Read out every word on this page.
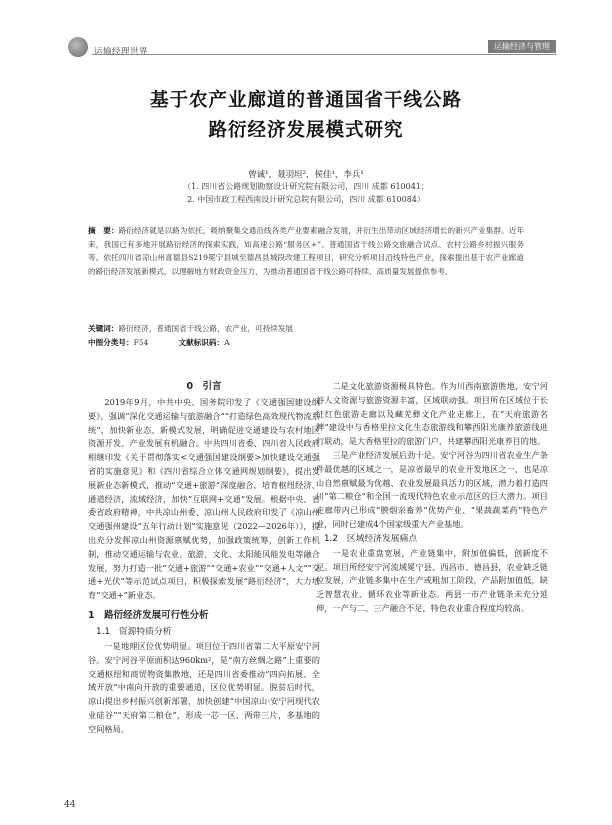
运输经理世界
运输经济与管理
基于农产业廊道的普通国省干线公路
路衍经济发展模式研究
曾诚¹，聂羽垣²，侯佳¹，李兵¹
（1. 四川省公路规划勘察设计研究院有限公司，四川 成都 610041；
2. 中国市政工程西南设计研究总院有限公司，四川 成都 610084）
摘　要：路衍经济就是以路为依托，吸纳聚集交通沿线各类产业要素融合发展，并衍生出带动区域经济增长的新兴产业集群。近年来，我国已有多地开展路衍经济的探索实践，如高速公路“服务区+”、普通国省干线公路交旅融合试点、农村公路乡村振兴服务等。依托四川省凉山州喜德县S219冕宁县城至德昌县城段改建工程项目，研究分析项目沿线特色产业，探索提出基于农产业廊道的路衍经济发展新模式，以理解地方财政资金压力，为推动普通国省干线公路可持续、高质量发展提供参考。
关键词：路衍经济，普通国省干线公路，农产业，可持续发展
中图分类号：F54	文献标识码：A
0　引言

2019年9月，中共中央、国务院印发了《交通强国建设纲要》，强调“深化交通运输与旅游融合”“打造绿色高效现代物流系统”，加快新业态、新模式发展，明确促进交通建设与农村地区资源开发、产业发展有机融合。中共四川省委、四川省人民政府相继印发《关于贯彻落实<交通强国建设纲要>加快建设交通强省的实施意见》和《四川省综合立体交通网规划纲要》，提出发展新业态新模式，推动“交通+旅游”深度融合，培育枢纽经济、通道经济，流域经济，加快“互联网+交通”发展。根据中央、省委省政府精神，中共凉山州委、凉山州人民政府印发了《凉山州交通强州建设“五年行动计划”实施意见（2022—2026年）》，提出充分发挥凉山州资源禀赋优势，加强政策统筹，创新工作机制，推动交通运输与农业、旅游、文化、太阳能风能发电等融合发展，努力打造一批“交通+旅游”“交通+农业”“交通+人文”“交通+光伏”等示范试点项目，积极探索发展“路衍经济”，大力培育“交通+”新业态。

1　路衍经济发展可行性分析
1.1　资源特质分析

一是地理区位优势明显。项目位于四川省第二大平原安宁河谷。安宁河谷平原面积达960km²，是“南方丝绸之路”上重要的交通枢纽和商贸物资集散地，还是四川省委推动“四向拓展、全域开放”中南向开放的重要通道，区位优势明显。脱贫后时代，凉山提出乡村振兴创新部署，加快创建“中国凉山·安宁河现代农业硅谷”“天府第二粮仓”，形成一芯一区、两带三片，多基地的空间格局。

二是文化旅游资源极具特色。作为川西南旅游胜地，安宁河谷人文资源与旅游资源丰富，区域联动强。项目所在区域位于长征红色旅游走廊以及藏羌彝文化产业走廊上，在“天府旅游名牌”建设中与香格里拉文化生态旅游线和攀西阳光康养旅游线进行联动，是大香格里拉的旅游门户，共建攀西阳光康养目的地。

三是产业经济发展后劲十足。安宁河谷为四川省农业生产条件最优越的区域之一，是凉省最早的农业开发地区之一，也是凉山自然禀赋最为优越、农业发展最具活力的区域，潜力着打造四川“第二粮仓”和全国一流现代特色农业示范区的巨大潜力。项目走廊带内已形成“腴烟亲畜养”优势产业、“果蔬蔬菜药”特色产业，同时已建成4个国家级重大产业基地。

1.2　区域经济发展痛点

一是农业重盘宽展，产业链集中，附加值偏低，创新度不足。项目所经安宁河流域冕宁县、西昌市、德昌县，农业缺乏链位发展，产业链多集中在生产或粗加工阶段，产品附加值低，缺乏智慧农业、循环农业等新业态。两县一市产业链条未充分延伸，一产与二、三产融合不足，特色农业重合程度均较高。

44
